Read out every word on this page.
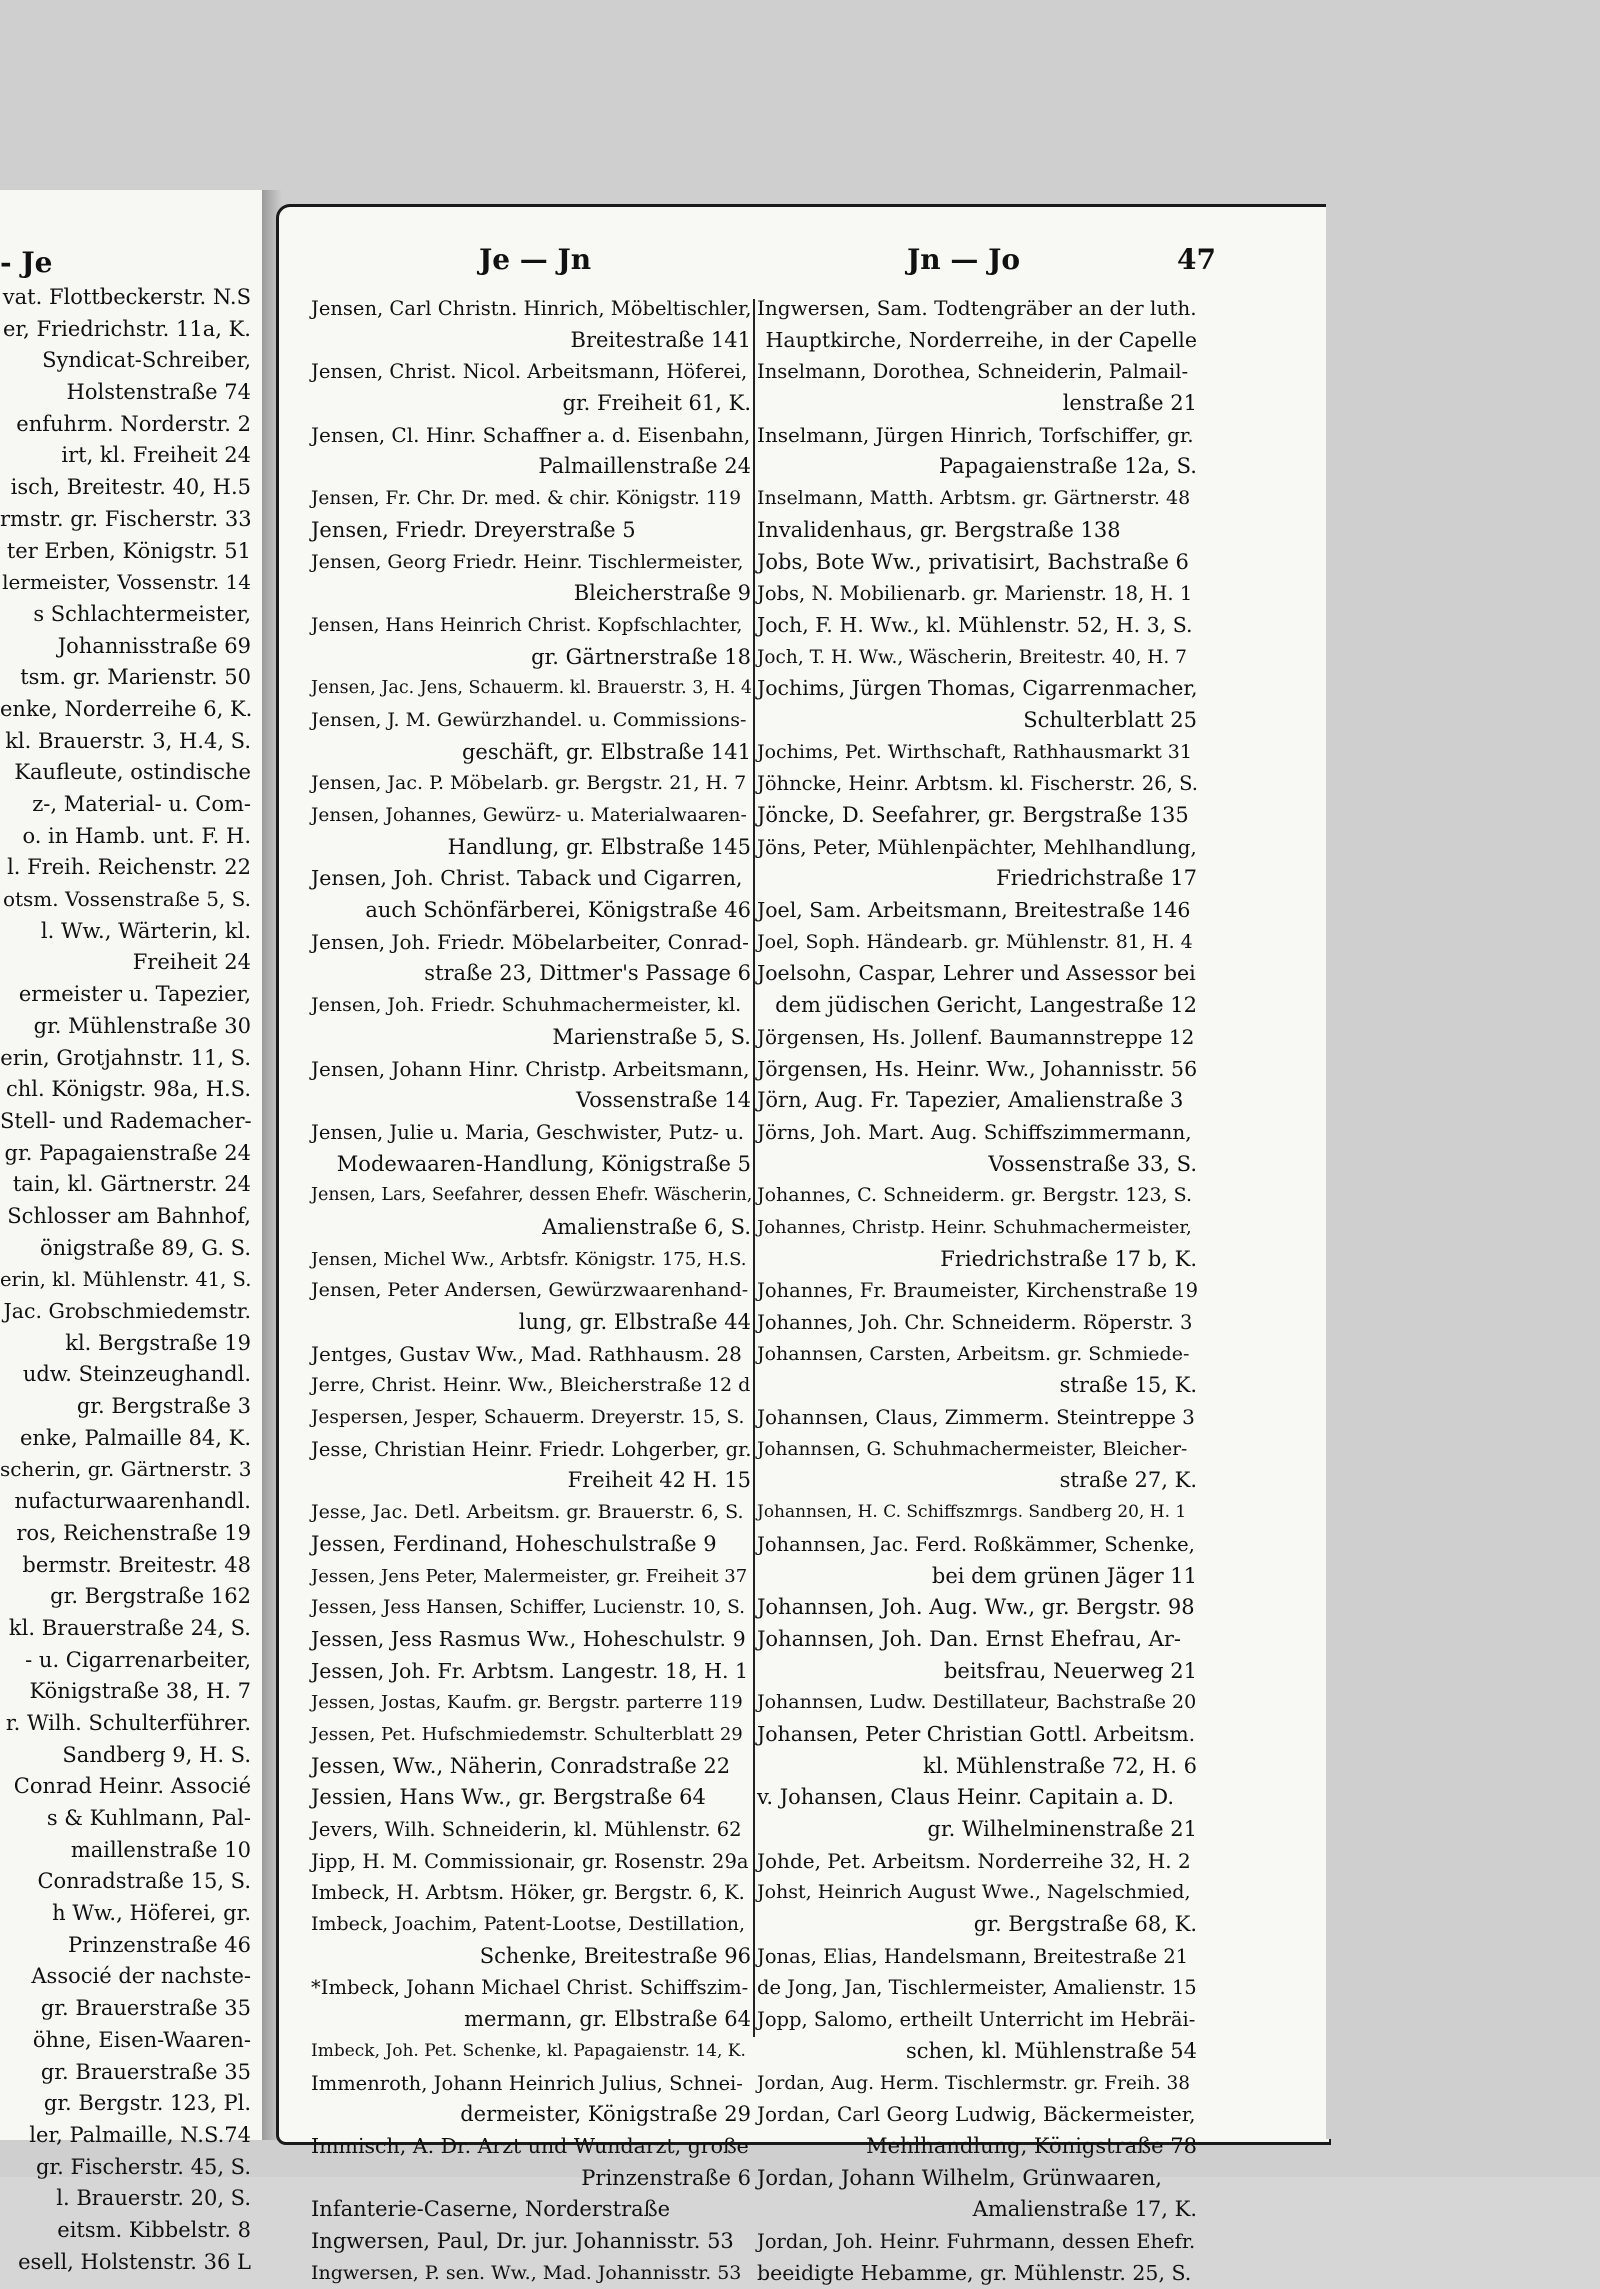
- Je
vat. Flottbeckerstr. N.S
er, Friedrichstr. 11a, K.
Syndicat-Schreiber,
Holstenstraße 74
enfuhrm. Norderstr. 2
irt, kl. Freiheit 24
isch, Breitestr. 40, H.5
rmstr. gr. Fischerstr. 33
ter Erben, Königstr. 51
lermeister, Vossenstr. 14
s Schlachtermeister,
Johannisstraße 69
tsm. gr. Marienstr. 50
enke, Norderreihe 6, K.
kl. Brauerstr. 3, H.4, S.
Kaufleute, ostindische
z-, Material- u. Com-
o. in Hamb. unt. F. H.
l. Freih. Reichenstr. 22
otsm. Vossenstraße 5, S.
l. Ww., Wärterin, kl.
Freiheit 24
ermeister u. Tapezier,
gr. Mühlenstraße 30
erin, Grotjahnstr. 11, S.
chl. Königstr. 98a, H.S.
Stell- und Rademacher-
gr. Papagaienstraße 24
tain, kl. Gärtnerstr. 24
Schlosser am Bahnhof,
önigstraße 89, G. S.
erin, kl. Mühlenstr. 41, S.
Jac. Grobschmiedemstr.
kl. Bergstraße 19
udw. Steinzeughandl.
gr. Bergstraße 3
enke, Palmaille 84, K.
scherin, gr. Gärtnerstr. 3
nufacturwaarenhandl.
ros, Reichenstraße 19
bermstr. Breitestr. 48
gr. Bergstraße 162
kl. Brauerstraße 24, S.
- u. Cigarrenarbeiter,
Königstraße 38, H. 7
r. Wilh. Schulterführer.
Sandberg 9, H. S.
Conrad Heinr. Associé
s & Kuhlmann, Pal-
maillenstraße 10
Conradstraße 15, S.
h Ww., Höferei, gr.
Prinzenstraße 46
Associé der nachste-
gr. Brauerstraße 35
öhne, Eisen-Waaren-
gr. Brauerstraße 35
gr. Bergstr. 123, Pl.
ler, Palmaille, N.S.74
gr. Fischerstr. 45, S.
l. Brauerstr. 20, S.
eitsm. Kibbelstr. 8
esell, Holstenstr. 36 L
Je — Jn	Jn — Jo	47
Jensen, Carl Christn. Hinrich, Möbeltischler,
Breitestraße 141
Jensen, Christ. Nicol. Arbeitsmann, Höferei,
gr. Freiheit 61, K.
Jensen, Cl. Hinr. Schaffner a. d. Eisenbahn,
Palmaillenstraße 24
Jensen, Fr. Chr. Dr. med. & chir. Königstr. 119
Jensen, Friedr. Dreyerstraße 5
Jensen, Georg Friedr. Heinr. Tischlermeister,
Bleicherstraße 9
Jensen, Hans Heinrich Christ. Kopfschlachter,
gr. Gärtnerstraße 18
Jensen, Jac. Jens, Schauerm. kl. Brauerstr. 3, H. 4
Jensen, J. M. Gewürzhandel. u. Commissions-
geschäft, gr. Elbstraße 141
Jensen, Jac. P. Möbelarb. gr. Bergstr. 21, H. 7
Jensen, Johannes, Gewürz- u. Materialwaaren-
Handlung, gr. Elbstraße 145
Jensen, Joh. Christ. Taback und Cigarren,
auch Schönfärberei, Königstraße 46
Jensen, Joh. Friedr. Möbelarbeiter, Conrad-
straße 23, Dittmer's Passage 6
Jensen, Joh. Friedr. Schuhmachermeister, kl.
Marienstraße 5, S.
Jensen, Johann Hinr. Christp. Arbeitsmann,
Vossenstraße 14
Jensen, Julie u. Maria, Geschwister, Putz- u.
Modewaaren-Handlung, Königstraße 5
Jensen, Lars, Seefahrer, dessen Ehefr. Wäscherin,
Amalienstraße 6, S.
Jensen, Michel Ww., Arbtsfr. Königstr. 175, H.S.
Jensen, Peter Andersen, Gewürzwaarenhand-
lung, gr. Elbstraße 44
Jentges, Gustav Ww., Mad. Rathhausm. 28
Jerre, Christ. Heinr. Ww., Bleicherstraße 12 d
Jespersen, Jesper, Schauerm. Dreyerstr. 15, S.
Jesse, Christian Heinr. Friedr. Lohgerber, gr.
Freiheit 42 H. 15
Jesse, Jac. Detl. Arbeitsm. gr. Brauerstr. 6, S.
Jessen, Ferdinand, Hoheschulstraße 9
Jessen, Jens Peter, Malermeister, gr. Freiheit 37
Jessen, Jess Hansen, Schiffer, Lucienstr. 10, S.
Jessen, Jess Rasmus Ww., Hoheschulstr. 9
Jessen, Joh. Fr. Arbtsm. Langestr. 18, H. 1
Jessen, Jostas, Kaufm. gr. Bergstr. parterre 119
Jessen, Pet. Hufschmiedemstr. Schulterblatt 29
Jessen, Ww., Näherin, Conradstraße 22
Jessien, Hans Ww., gr. Bergstraße 64
Jevers, Wilh. Schneiderin, kl. Mühlenstr. 62
Jipp, H. M. Commissionair, gr. Rosenstr. 29a
Imbeck, H. Arbtsm. Höker, gr. Bergstr. 6, K.
Imbeck, Joachim, Patent-Lootse, Destillation,
Schenke, Breitestraße 96
*Imbeck, Johann Michael Christ. Schiffszim-
mermann, gr. Elbstraße 64
Imbeck, Joh. Pet. Schenke, kl. Papagaienstr. 14, K.
Immenroth, Johann Heinrich Julius, Schnei-
dermeister, Königstraße 29
Immisch, A. Dr. Arzt und Wundarzt, große
Prinzenstraße 6
Infanterie-Caserne, Norderstraße
Ingwersen, Paul, Dr. jur. Johannisstr. 53
Ingwersen, P. sen. Ww., Mad. Johannisstr. 53
Ingwersen, Sam. Todtengräber an der luth.
Hauptkirche, Norderreihe, in der Capelle
Inselmann, Dorothea, Schneiderin, Palmail-
lenstraße 21
Inselmann, Jürgen Hinrich, Torfschiffer, gr.
Papagaienstraße 12a, S.
Inselmann, Matth. Arbtsm. gr. Gärtnerstr. 48
Invalidenhaus, gr. Bergstraße 138
Jobs, Bote Ww., privatisirt, Bachstraße 6
Jobs, N. Mobilienarb. gr. Marienstr. 18, H. 1
Joch, F. H. Ww., kl. Mühlenstr. 52, H. 3, S.
Joch, T. H. Ww., Wäscherin, Breitestr. 40, H. 7
Jochims, Jürgen Thomas, Cigarrenmacher,
Schulterblatt 25
Jochims, Pet. Wirthschaft, Rathhausmarkt 31
Jöhncke, Heinr. Arbtsm. kl. Fischerstr. 26, S.
Jöncke, D. Seefahrer, gr. Bergstraße 135
Jöns, Peter, Mühlenpächter, Mehlhandlung,
Friedrichstraße 17
Joel, Sam. Arbeitsmann, Breitestraße 146
Joel, Soph. Händearb. gr. Mühlenstr. 81, H. 4
Joelsohn, Caspar, Lehrer und Assessor bei
dem jüdischen Gericht, Langestraße 12
Jörgensen, Hs. Jollenf. Baumannstreppe 12
Jörgensen, Hs. Heinr. Ww., Johannisstr. 56
Jörn, Aug. Fr. Tapezier, Amalienstraße 3
Jörns, Joh. Mart. Aug. Schiffszimmermann,
Vossenstraße 33, S.
Johannes, C. Schneiderm. gr. Bergstr. 123, S.
Johannes, Christp. Heinr. Schuhmachermeister,
Friedrichstraße 17 b, K.
Johannes, Fr. Braumeister, Kirchenstraße 19
Johannes, Joh. Chr. Schneiderm. Röperstr. 3
Johannsen, Carsten, Arbeitsm. gr. Schmiede-
straße 15, K.
Johannsen, Claus, Zimmerm. Steintreppe 3
Johannsen, G. Schuhmachermeister, Bleicher-
straße 27, K.
Johannsen, H. C. Schiffszmrgs. Sandberg 20, H. 1
Johannsen, Jac. Ferd. Roßkämmer, Schenke,
bei dem grünen Jäger 11
Johannsen, Joh. Aug. Ww., gr. Bergstr. 98
Johannsen, Joh. Dan. Ernst Ehefrau, Ar-
beitsfrau, Neuerweg 21
Johannsen, Ludw. Destillateur, Bachstraße 20
Johansen, Peter Christian Gottl. Arbeitsm.
kl. Mühlenstraße 72, H. 6
v. Johansen, Claus Heinr. Capitain a. D.
gr. Wilhelminenstraße 21
Johde, Pet. Arbeitsm. Norderreihe 32, H. 2
Johst, Heinrich August Wwe., Nagelschmied,
gr. Bergstraße 68, K.
Jonas, Elias, Handelsmann, Breitestraße 21
de Jong, Jan, Tischlermeister, Amalienstr. 15
Jopp, Salomo, ertheilt Unterricht im Hebräi-
schen, kl. Mühlenstraße 54
Jordan, Aug. Herm. Tischlermstr. gr. Freih. 38
Jordan, Carl Georg Ludwig, Bäckermeister,
Mehlhandlung, Königstraße 78
Jordan, Johann Wilhelm, Grünwaaren,
Amalienstraße 17, K.
Jordan, Joh. Heinr. Fuhrmann, dessen Ehefr.
beeidigte Hebamme, gr. Mühlenstr. 25, S.
